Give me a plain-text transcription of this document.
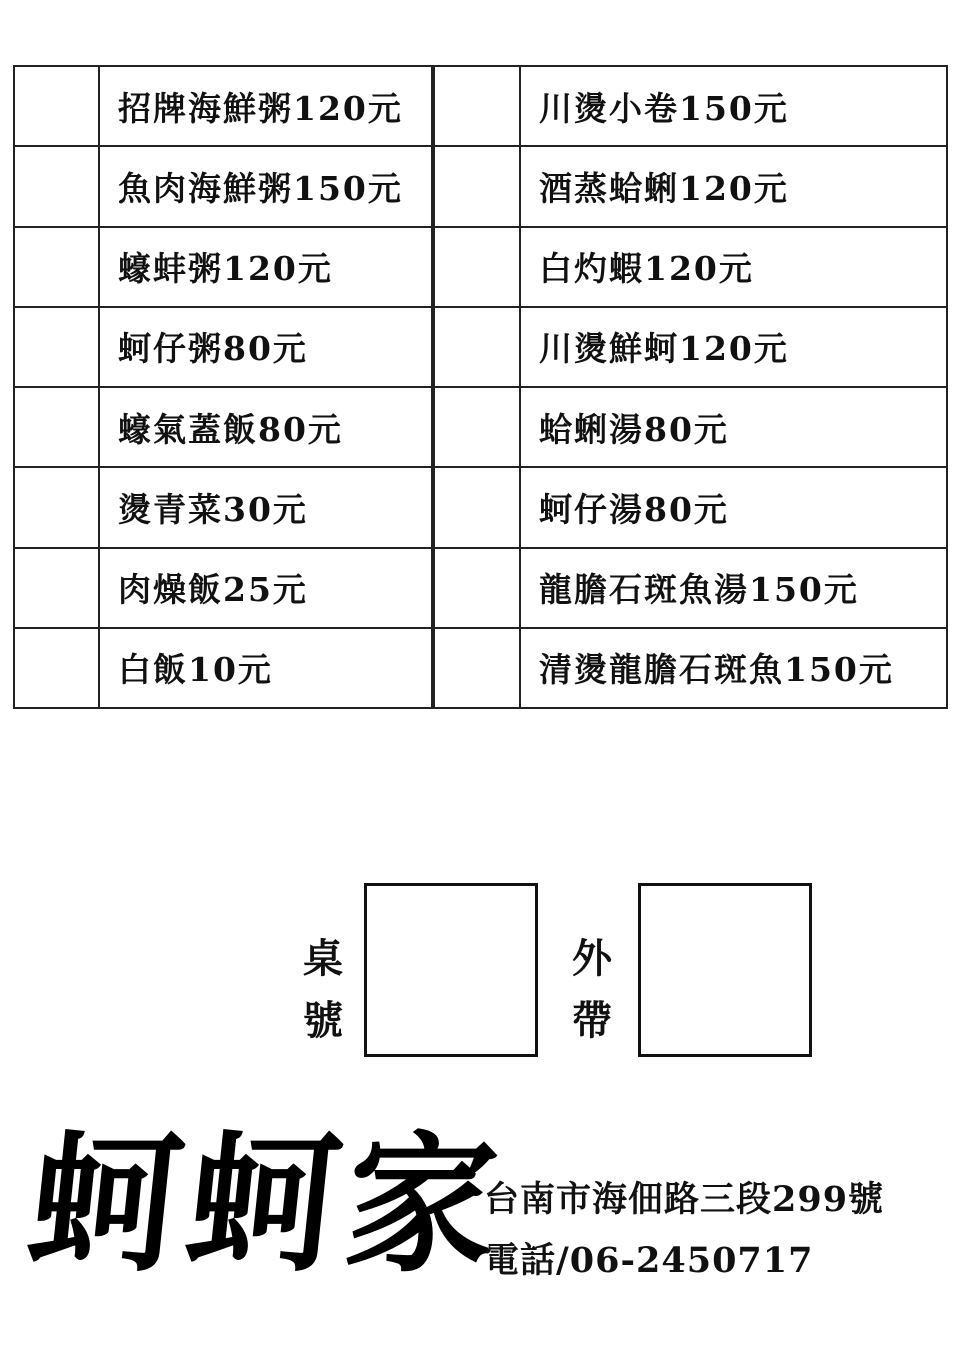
	招牌海鮮粥120元		川燙小卷150元

	魚肉海鮮粥150元		酒蒸蛤蜊120元

	蠔蚌粥120元		白灼蝦120元

	蚵仔粥80元		川燙鮮蚵120元

	蠔氣蓋飯80元		蛤蜊湯80元

	燙青菜30元		蚵仔湯80元

	肉燥飯25元		龍膽石斑魚湯150元

	白飯10元		清燙龍膽石斑魚150元
桌
號
外
帶
蚵蚵家
台南市海佃路三段299號
電話/06-2450717
